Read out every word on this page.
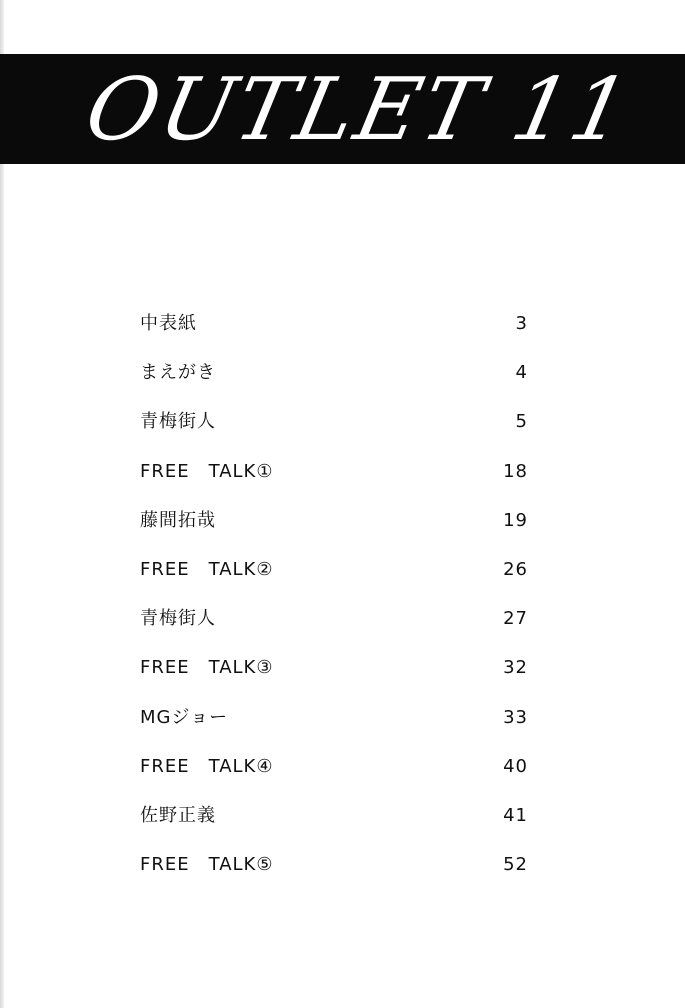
OUTLET 11
中表紙	3
まえがき	4
青梅街人	5
FREE　TALK①	18
藤間拓哉	19
FREE　TALK②	26
青梅街人	27
FREE　TALK③	32
MGジョー	33
FREE　TALK④	40
佐野正義	41
FREE　TALK⑤	52
